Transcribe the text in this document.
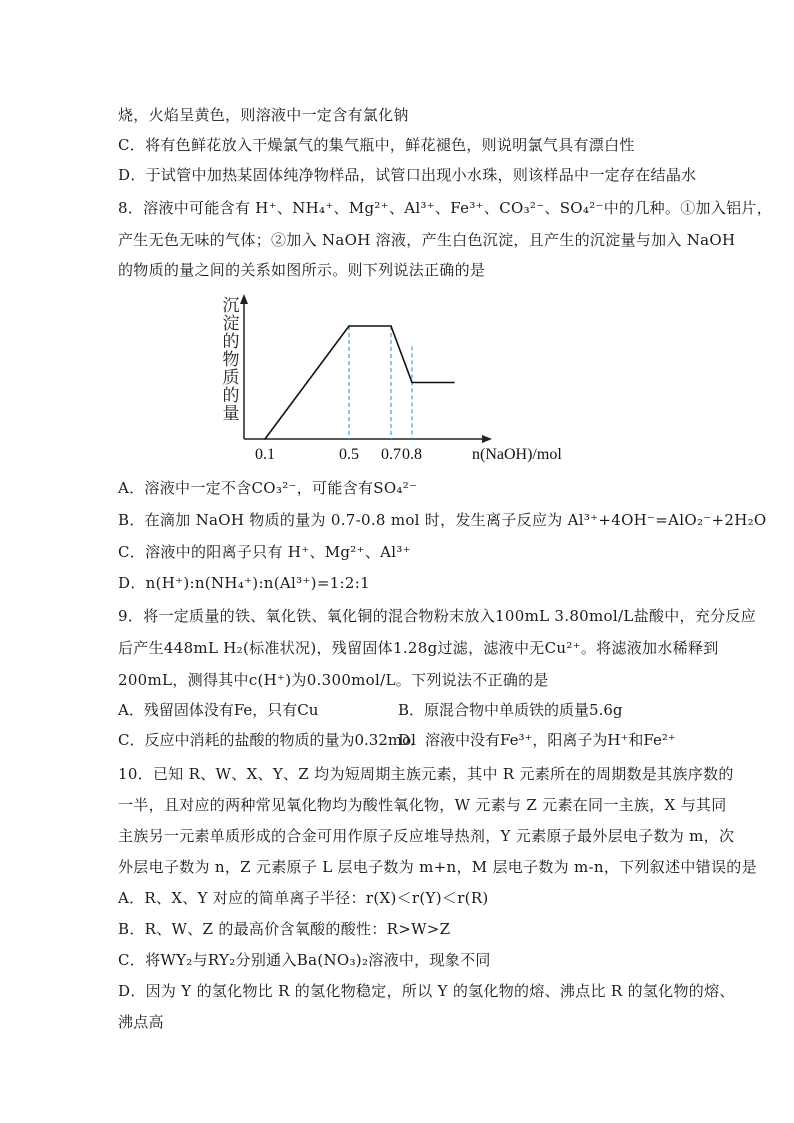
烧，火焰呈黄色，则溶液中一定含有氯化钠
C．将有色鲜花放入干燥氯气的集气瓶中，鲜花褪色，则说明氯气具有漂白性
D．于试管中加热某固体纯净物样品，试管口出现小水珠，则该样品中一定存在结晶水
8．溶液中可能含有 H⁺、NH₄⁺、Mg²⁺、Al³⁺、Fe³⁺、CO₃²⁻、SO₄²⁻中的几种。①加入铝片，
产生无色无味的气体；②加入 NaOH 溶液，产生白色沉淀，且产生的沉淀量与加入 NaOH
的物质的量之间的关系如图所示。则下列说法正确的是
沉
淀
的
物
质
的
量
0.1	0.5 0.7 0.8	n(NaOH)/mol
A．溶液中一定不含CO₃²⁻，可能含有SO₄²⁻
B．在滴加 NaOH 物质的量为 0.7-0.8 mol 时，发生离子反应为 Al³⁺+4OH⁻=AlO₂⁻+2H₂O
C．溶液中的阳离子只有 H⁺、Mg²⁺、Al³⁺
D．n(H⁺):n(NH₄⁺):n(Al³⁺)=1:2:1
9．将一定质量的铁、氧化铁、氧化铜的混合物粉末放入100mL 3.80mol/L盐酸中，充分反应
后产生448mL H₂(标准状况)，残留固体1.28g过滤，滤液中无Cu²⁺。将滤液加水稀释到
200mL，测得其中c(H⁺)为0.300mol/L。下列说法不正确的是
A．残留固体没有Fe，只有Cu	B．原混合物中单质铁的质量5.6g
C．反应中消耗的盐酸的物质的量为0.32mol
D．溶液中没有Fe³⁺，阳离子为H⁺和Fe²⁺
10．已知 R、W、X、Y、Z 均为短周期主族元素，其中 R 元素所在的周期数是其族序数的
一半，且对应的两种常见氧化物均为酸性氧化物，W 元素与 Z 元素在同一主族，X 与其同
主族另一元素单质形成的合金可用作原子反应堆导热剂，Y 元素原子最外层电子数为 m，次
外层电子数为 n，Z 元素原子 L 层电子数为 m+n，M 层电子数为 m-n，下列叙述中错误的是
A．R、X、Y 对应的简单离子半径：r(X)＜r(Y)＜r(R)
B．R、W、Z 的最高价含氧酸的酸性：R>W>Z
C．将WY₂与RY₂分别通入Ba(NO₃)₂溶液中，现象不同
D．因为 Y 的氢化物比 R 的氢化物稳定，所以 Y 的氢化物的熔、沸点比 R 的氢化物的熔、
沸点高
